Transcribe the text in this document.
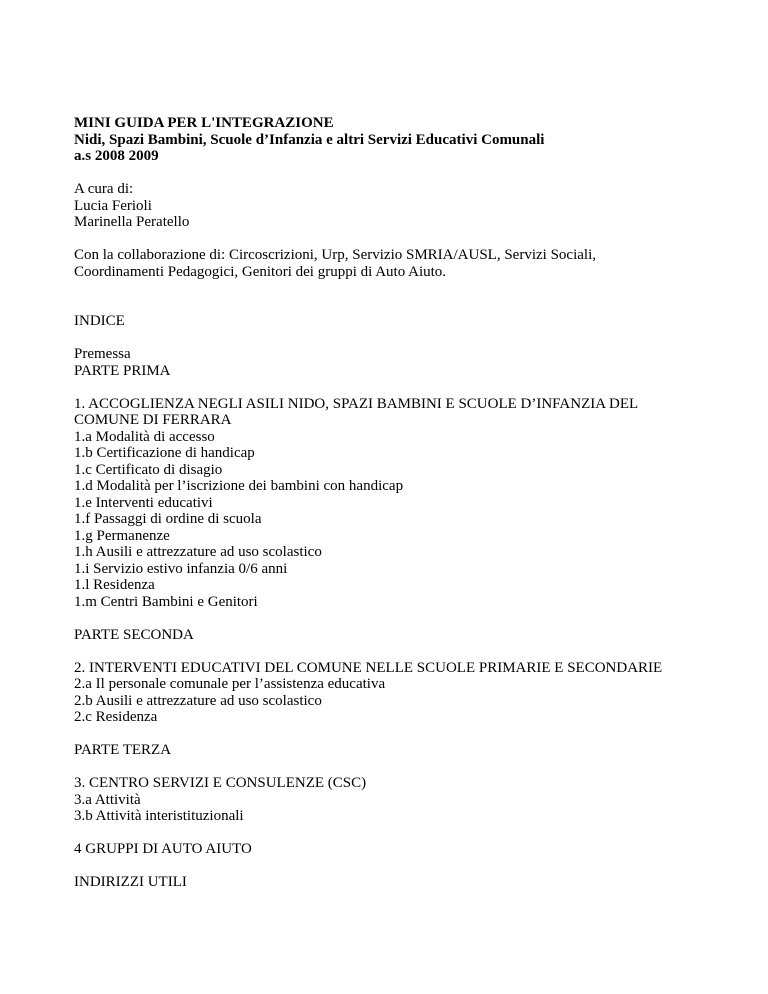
MINI GUIDA PER L'INTEGRAZIONE
Nidi, Spazi Bambini, Scuole d’Infanzia e altri Servizi Educativi Comunali
a.s 2008 2009
A cura di:
Lucia Ferioli
Marinella Peratello
Con la collaborazione di: Circoscrizioni, Urp, Servizio SMRIA/AUSL, Servizi Sociali,
Coordinamenti Pedagogici, Genitori dei gruppi di Auto Aiuto.
INDICE
Premessa
PARTE PRIMA
1. ACCOGLIENZA NEGLI ASILI NIDO, SPAZI BAMBINI E SCUOLE D’INFANZIA DEL
COMUNE DI FERRARA
1.a Modalità di accesso
1.b Certificazione di handicap
1.c Certificato di disagio
1.d Modalità per l’iscrizione dei bambini con handicap
1.e Interventi educativi
1.f Passaggi di ordine di scuola
1.g Permanenze
1.h Ausili e attrezzature ad uso scolastico
1.i Servizio estivo infanzia 0/6 anni
1.l Residenza
1.m Centri Bambini e Genitori
PARTE SECONDA
2. INTERVENTI EDUCATIVI DEL COMUNE NELLE SCUOLE PRIMARIE E SECONDARIE
2.a Il personale comunale per l’assistenza educativa
2.b Ausili e attrezzature ad uso scolastico
2.c Residenza
PARTE TERZA
3. CENTRO SERVIZI E CONSULENZE (CSC)
3.a Attività
3.b Attività interistituzionali
4 GRUPPI DI AUTO AIUTO
INDIRIZZI UTILI
